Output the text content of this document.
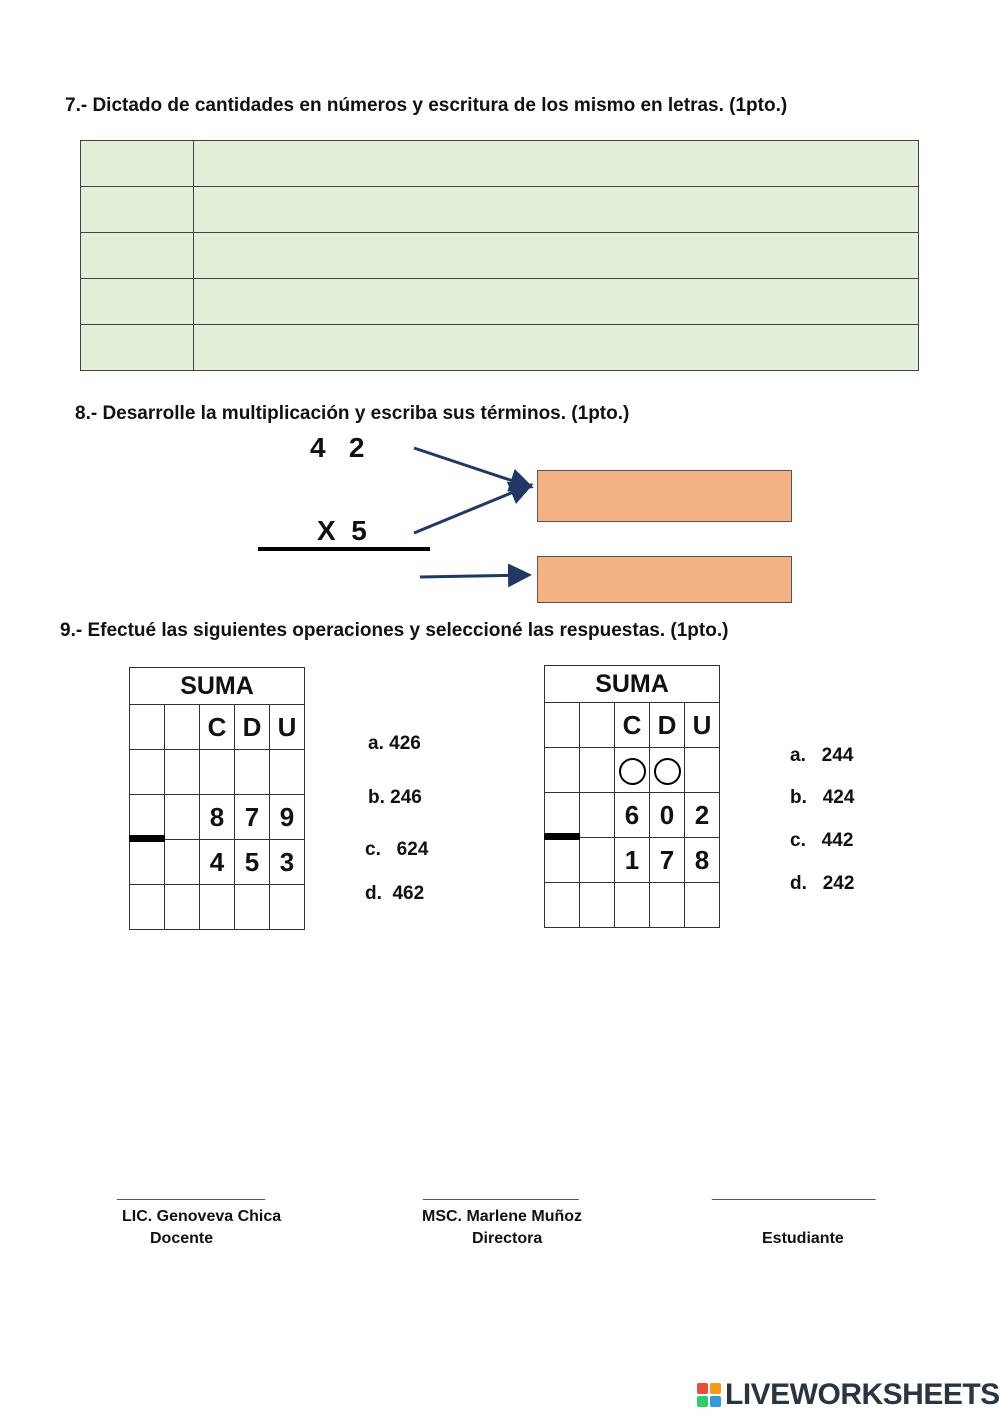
7.- Dictado de cantidades en números y escritura de los mismo en letras. (1pto.)

8.- Desarrolle la multiplicación y escriba sus términos. (1pto.)
4   2
X  5
9.- Efectué las siguientes operaciones y seleccioné las respuestas. (1pto.)
SUMA				
		C	D	U

		8	7	9

		4	5	3

a. 426
b. 246
c.   624
d.  462
SUMA				
		C	D	U

		6	0	2

		1	7	8

a.   244
b.   424
c.   442
d.   242
___________________
LIC. Genoveva Chica
Docente
____________________
MSC. Marlene Muñoz
Directora
_____________________
Estudiante
LIVEWORKSHEETS
